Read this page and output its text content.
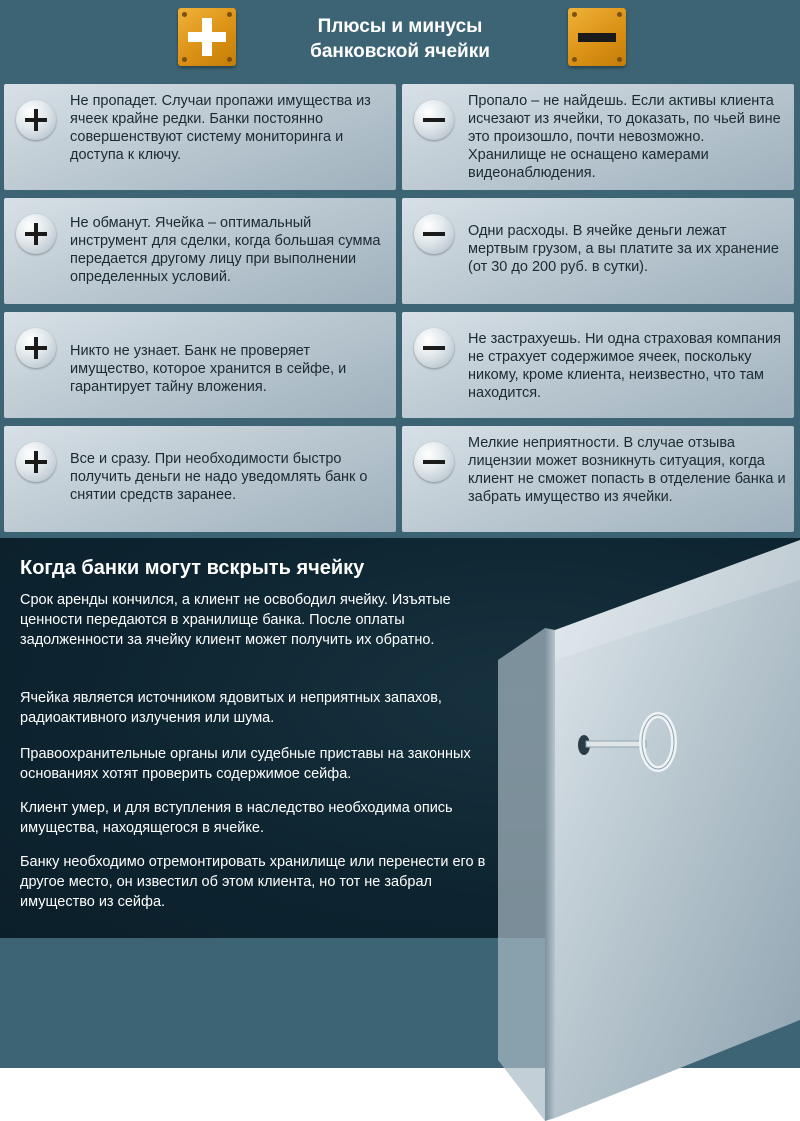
Плюсы и минусы
банковской ячейки
Не пропадет. Случаи пропажи имущества из ячеек крайне редки. Банки постоянно совершенствуют систему мониторинга и доступа к ключу.
Не обманут. Ячейка – оптимальный инструмент для сделки, когда большая сумма передается другому лицу при выполнении определенных условий.
Никто не узнает. Банк не проверяет имущество, которое хранится в сейфе, и гарантирует тайну вложения.
Все и сразу. При необходимости быстро получить деньги не надо уведомлять банк о снятии средств заранее.
Пропало – не найдешь. Если активы клиента исчезают из ячейки, то доказать, по чьей вине это произошло, почти невозможно. Хранилище не оснащено камерами видеонаблюдения.
Одни расходы. В ячейке деньги лежат мертвым грузом, а вы платите за их хранение (от 30 до 200 руб. в сутки).
Не застрахуешь. Ни одна страховая компания не страхует содержимое ячеек, поскольку никому, кроме клиента, неизвестно, что там находится.
Мелкие неприятности. В случае отзыва лицензии может возникнуть ситуация, когда клиент не сможет попасть в отделение банка и забрать имущество из ячейки.
Когда банки могут вскрыть ячейку
Срок аренды кончился, а клиент не освободил ячейку. Изъятые ценности передаются в хранилище банка. После оплаты задолженности за ячейку клиент может получить их обратно.
Ячейка является источником ядовитых и неприятных запахов, радиоактивного излучения или шума.
Правоохранительные органы или судебные приставы на законных основаниях хотят проверить содержимое сейфа.
Клиент умер, и для вступления в наследство необходима опись имущества, находящегося в ячейке.
Банку необходимо отремонтировать хранилище или перенести его в другое место, он известил об этом клиента, но тот не забрал имущество из сейфа.
